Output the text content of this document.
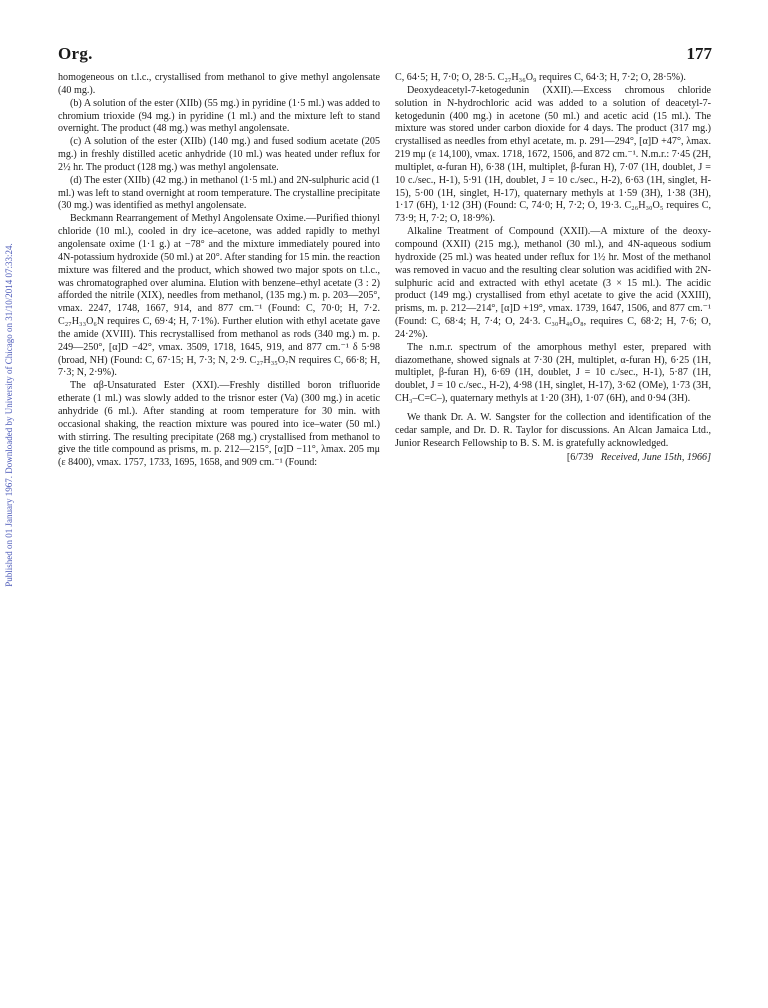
Published on 01 January 1967. Downloaded by University of Chicago on 31/10/2014 07:33:24.
Org.	177

homogeneous on t.l.c., crystallised from methanol to give methyl angolensate (40 mg.).

(b) A solution of the ester (XIIb) (55 mg.) in pyridine (1·5 ml.) was added to chromium trioxide (94 mg.) in pyridine (1 ml.) and the mixture left to stand overnight. The product (48 mg.) was methyl angolensate.

(c) A solution of the ester (XIIb) (140 mg.) and fused sodium acetate (205 mg.) in freshly distilled acetic anhydride (10 ml.) was heated under reflux for 2½ hr. The product (128 mg.) was methyl angolensate.

(d) The ester (XIIb) (42 mg.) in methanol (1·5 ml.) and 2N-sulphuric acid (1 ml.) was left to stand overnight at room temperature. The crystalline precipitate (30 mg.) was identified as methyl angolensate.

Beckmann Rearrangement of Methyl Angolensate Oxime.—Purified thionyl chloride (10 ml.), cooled in dry ice–acetone, was added rapidly to methyl angolensate oxime (1·1 g.) at −78° and the mixture immediately poured into 4N-potassium hydroxide (50 ml.) at 20°. After standing for 15 min. the reaction mixture was filtered and the product, which showed two major spots on t.l.c., was chromatographed over alumina. Elution with benzene–ethyl acetate (3 : 2) afforded the nitrile (XIX), needles from methanol, (135 mg.) m. p. 203—205°, νmax. 2247, 1748, 1667, 914, and 877 cm.⁻¹ (Found: C, 70·0; H, 7·2. C₂₇H₃₃O₆N requires C, 69·4; H, 7·1%). Further elution with ethyl acetate gave the amide (XVIII). This recrystallised from methanol as rods (340 mg.) m. p. 249—250°, [α]D −42°, νmax. 3509, 1718, 1645, 919, and 877 cm.⁻¹ δ 5·98 (broad, NH) (Found: C, 67·15; H, 7·3; N, 2·9. C₂₇H₃₅O₇N requires C, 66·8; H, 7·3; N, 2·9%).

The αβ-Unsaturated Ester (XXI).—Freshly distilled boron trifluoride etherate (1 ml.) was slowly added to the trisnor ester (Va) (300 mg.) in acetic anhydride (6 ml.). After standing at room temperature for 30 min. with occasional shaking, the reaction mixture was poured into ice–water (50 ml.) with stirring. The resulting precipitate (268 mg.) crystallised from methanol to give the title compound as prisms, m. p. 212—215°, [α]D −11°, λmax. 205 mμ (ε 8400), νmax. 1757, 1733, 1695, 1658, and 909 cm.⁻¹ (Found:

C, 64·5; H, 7·0; O, 28·5. C₂₇H₃₆O₉ requires C, 64·3; H, 7·2; O, 28·5%).

Deoxydeacetyl-7-ketogedunin (XXII).—Excess chromous chloride solution in N-hydrochloric acid was added to a solution of deacetyl-7-ketogedunin (400 mg.) in acetone (50 ml.) and acetic acid (15 ml.). The mixture was stored under carbon dioxide for 4 days. The product (317 mg.) crystallised as needles from ethyl acetate, m. p. 291—294°, [α]D +47°, λmax. 219 mμ (ε 14,100), νmax. 1718, 1672, 1506, and 872 cm.⁻¹. N.m.r.: 7·45 (2H, multiplet, α-furan H), 6·38 (1H, multiplet, β-furan H), 7·07 (1H, doublet, J = 10 c./sec., H-1), 5·91 (1H, doublet, J = 10 c./sec., H-2), 6·63 (1H, singlet, H-15), 5·00 (1H, singlet, H-17), quaternary methyls at 1·59 (3H), 1·38 (3H), 1·17 (6H), 1·12 (3H) (Found: C, 74·0; H, 7·2; O, 19·3. C₂₆H₃₀O₅ requires C, 73·9; H, 7·2; O, 18·9%).

Alkaline Treatment of Compound (XXII).—A mixture of the deoxy-compound (XXII) (215 mg.), methanol (30 ml.), and 4N-aqueous sodium hydroxide (25 ml.) was heated under reflux for 1½ hr. Most of the methanol was removed in vacuo and the resulting clear solution was acidified with 2N-sulphuric acid and extracted with ethyl acetate (3 × 15 ml.). The acidic product (149 mg.) crystallised from ethyl acetate to give the acid (XXIII), prisms, m. p. 212—214°, [α]D +19°, νmax. 1739, 1647, 1506, and 877 cm.⁻¹ (Found: C, 68·4; H, 7·4; O, 24·3. C₃₀H₄₀O₈, requires C, 68·2; H, 7·6; O, 24·2%).

The n.m.r. spectrum of the amorphous methyl ester, prepared with diazomethane, showed signals at 7·30 (2H, multiplet, α-furan H), 6·25 (1H, multiplet, β-furan H), 6·69 (1H, doublet, J = 10 c./sec., H-1), 5·87 (1H, doublet, J = 10 c./sec., H-2), 4·98 (1H, singlet, H-17), 3·62 (OMe), 1·73 (3H, CH₃–C=C–), quaternary methyls at 1·20 (3H), 1·07 (6H), and 0·94 (3H).

We thank Dr. A. W. Sangster for the collection and identification of the cedar sample, and Dr. D. R. Taylor for discussions. An Alcan Jamaica Ltd., Junior Research Fellowship to B. S. M. is gratefully acknowledged.

[6/739 Received, June 15th, 1966]
